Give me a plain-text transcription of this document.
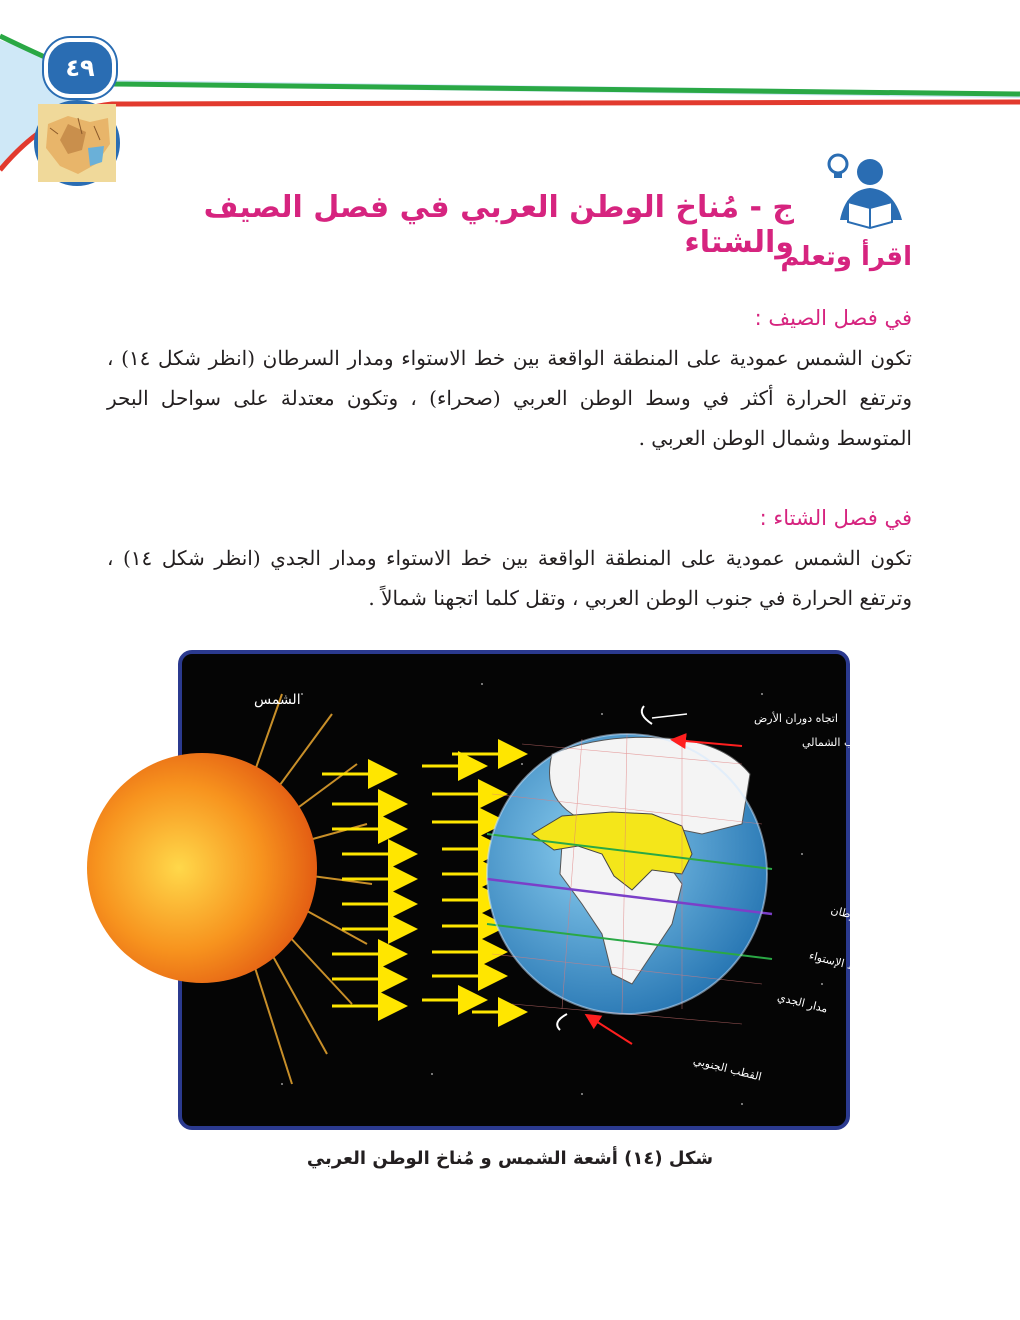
٤٩
ج - مُناخ الوطن العربي في فصل الصيف والشتاء
اقرأ وتعلم
في فصل الصيف :
تكون الشمس عمودية على المنطقة الواقعة بين خط الاستواء ومدار السرطان (انظر شكل ١٤) ، وترتفع الحرارة أكثر في وسط الوطن العربي (صحراء) ، وتكون معتدلة على سواحل البحر المتوسط وشمال الوطن العربي .
في فصل الشتاء :
تكون الشمس عمودية على المنطقة الواقعة بين خط الاستواء ومدار الجدي (انظر شكل ١٤) ، وترتفع الحرارة في جنوب الوطن العربي ، وتقل كلما اتجهنا شمالاً .
الشمس
اتجاه دوران الأرض
القطب الشمالي
مدار السرطان
خط الإستواء
مدار الجدي
القطب الجنوبي
شكل (١٤) أشعة الشمس و مُناخ الوطن العربي
